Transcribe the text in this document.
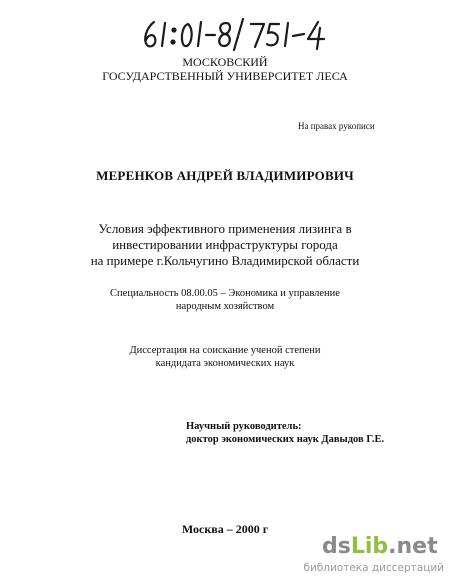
МОСКОВСКИЙ
ГОСУДАРСТВЕННЫЙ УНИВЕРСИТЕТ ЛЕСА
На правах рукописи
МЕРЕНКОВ АНДРЕЙ ВЛАДИМИРОВИЧ
Условия эффективного применения лизинга в
инвестировании инфраструктуры города
на примере г.Кольчугино Владимирской области
Специальность 08.00.05 – Экономика и управление
народным хозяйством
Диссертация на соискание ученой степени
кандидата экономических наук
Научный руководитель:
доктор экономических наук Давыдов Г.Е.
Москва – 2000 г
dsLib.net
библиотека диссертаций
